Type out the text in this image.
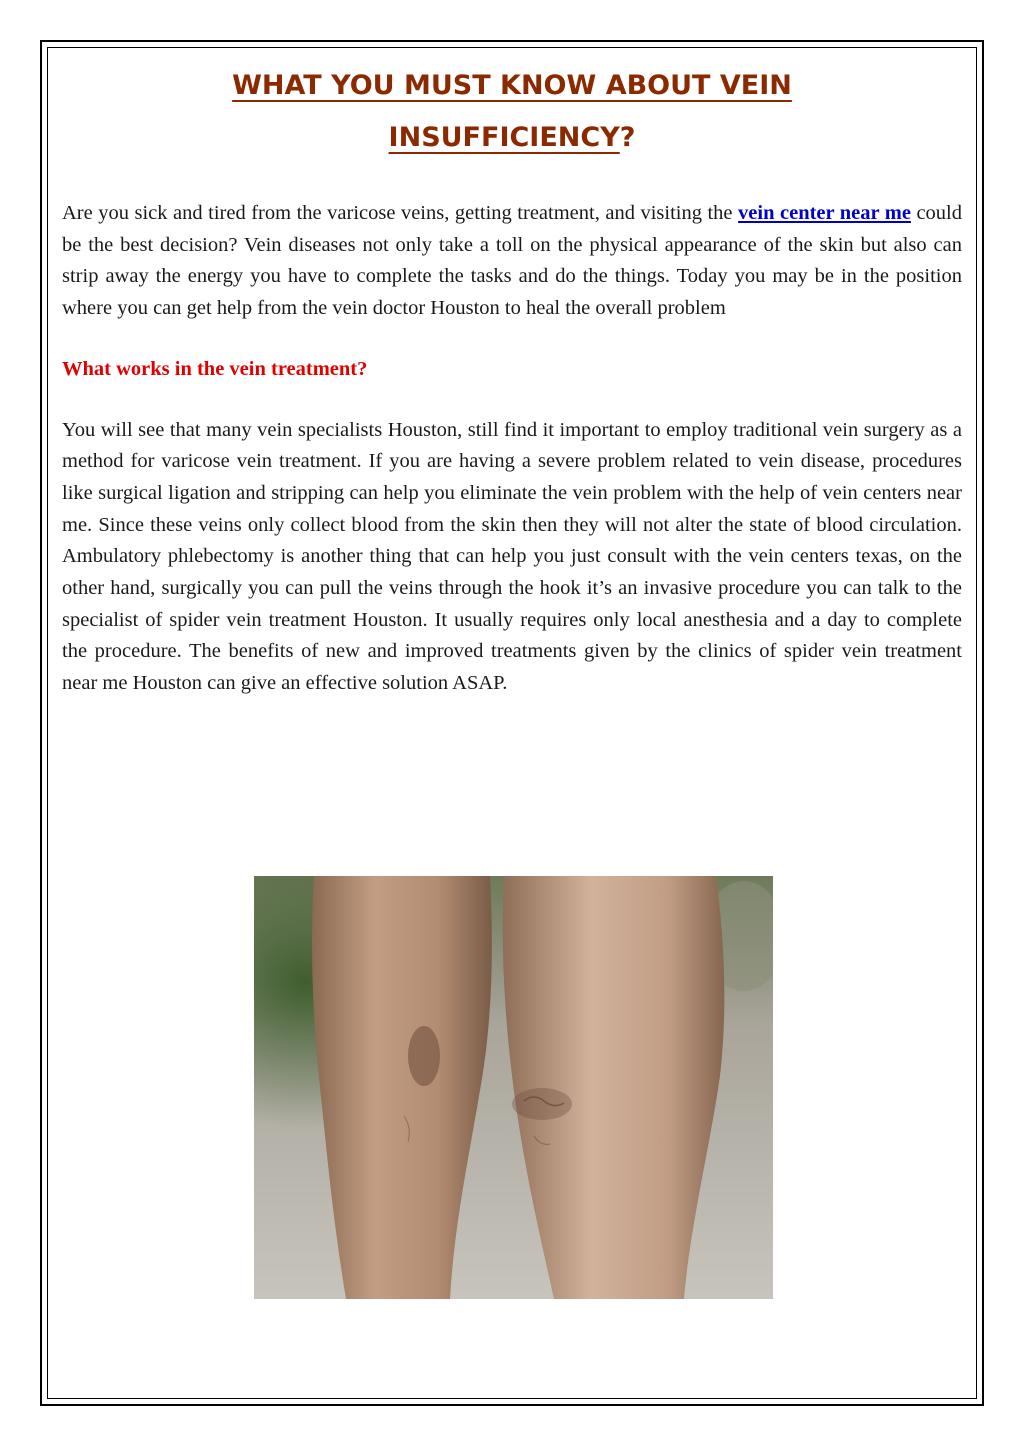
WHAT YOU MUST KNOW ABOUT VEIN
INSUFFICIENCY?

Are you sick and tired from the varicose veins, getting treatment, and visiting the vein center near me could be the best decision? Vein diseases not only take a toll on the physical appearance of the skin but also can strip away the energy you have to complete the tasks and do the things. Today you may be in the position where you can get help from the vein doctor Houston to heal the overall problem

What works in the vein treatment?

You will see that many vein specialists Houston, still find it important to employ traditional vein surgery as a method for varicose vein treatment. If you are having a severe problem related to vein disease, procedures like surgical ligation and stripping can help you eliminate the vein problem with the help of vein centers near me. Since these veins only collect blood from the skin then they will not alter the state of blood circulation. Ambulatory phlebectomy is another thing that can help you just consult with the vein centers texas, on the other hand, surgically you can pull the veins through the hook it’s an invasive procedure you can talk to the specialist of spider vein treatment Houston. It usually requires only local anesthesia and a day to complete the procedure. The benefits of new and improved treatments given by the clinics of spider vein treatment near me Houston can give an effective solution ASAP.
